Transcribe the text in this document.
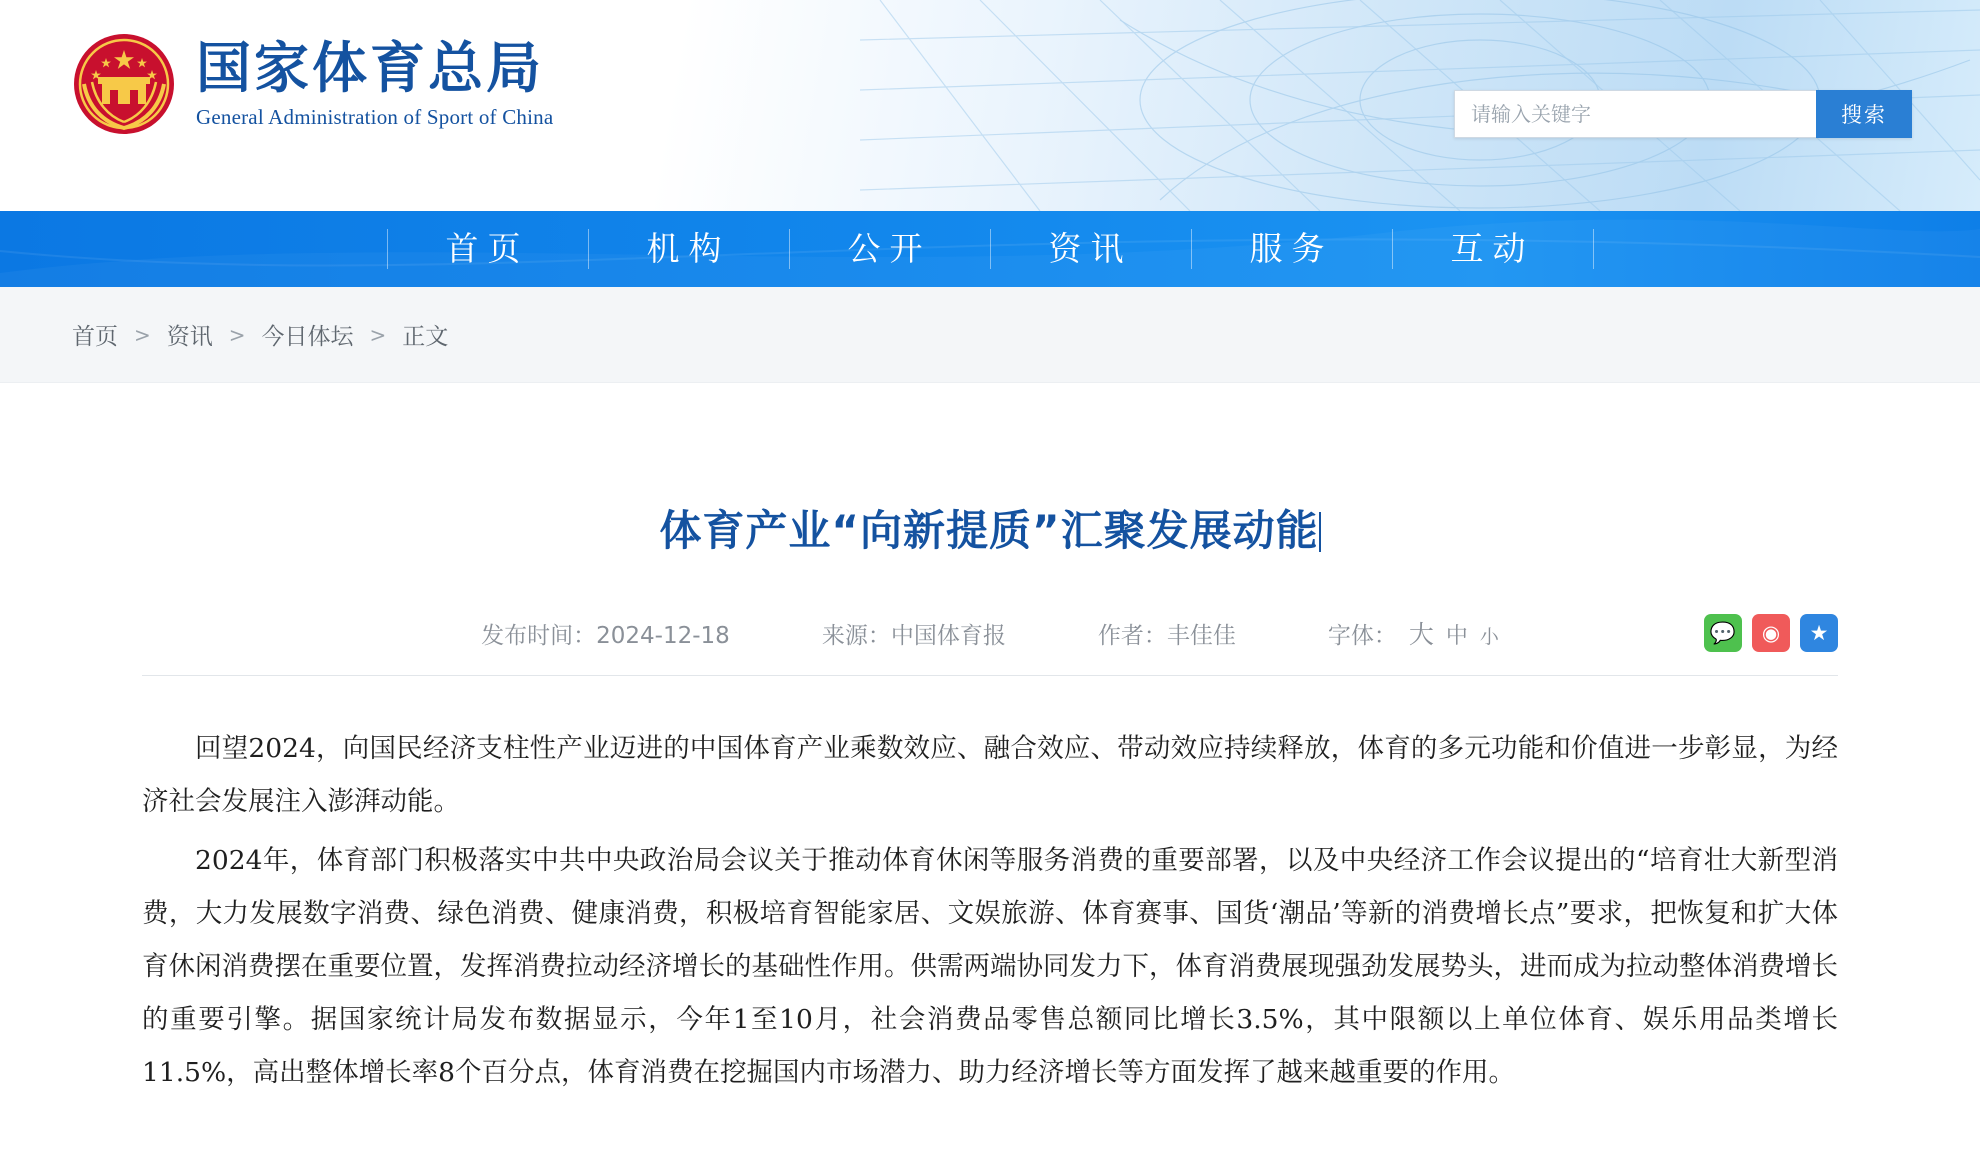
国家体育总局
General Administration of Sport of China
请输入关键字	搜索
首页	机构	公开	资讯	服务	互动
首页 > 资讯 > 今日体坛 > 正文
体育产业“向新提质”汇聚发展动能
发布时间：2024-12-18	来源：中国体育报	作者：丰佳佳	字体： 大 中 小	💬	◉	★

回望2024，向国民经济支柱性产业迈进的中国体育产业乘数效应、融合效应、带动效应持续释放，体育的多元功能和价值进一步彰显，为经济社会发展注入澎湃动能。

2024年，体育部门积极落实中共中央政治局会议关于推动体育休闲等服务消费的重要部署，以及中央经济工作会议提出的“培育壮大新型消费，大力发展数字消费、绿色消费、健康消费，积极培育智能家居、文娱旅游、体育赛事、国货‘潮品’等新的消费增长点”要求，把恢复和扩大体育休闲消费摆在重要位置，发挥消费拉动经济增长的基础性作用。供需两端协同发力下，体育消费展现强劲发展势头，进而成为拉动整体消费增长的重要引擎。据国家统计局发布数据显示，今年1至10月，社会消费品零售总额同比增长3.5%，其中限额以上单位体育、娱乐用品类增长11.5%，高出整体增长率8个百分点，体育消费在挖掘国内市场潜力、助力经济增长等方面发挥了越来越重要的作用。
